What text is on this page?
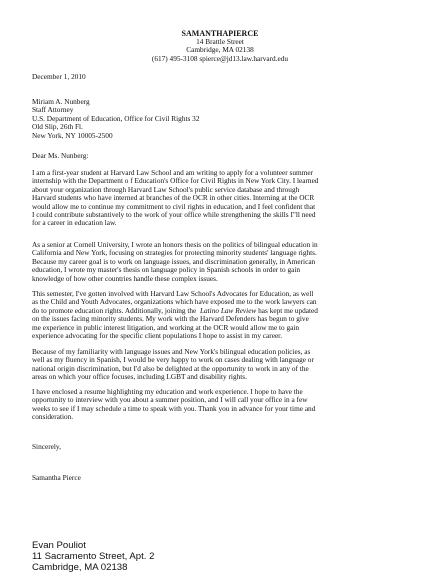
SAMANTHAPIERCE
14 Brattle Street
Cambridge, MA 02138
(617) 495-3108 spierce@jd13.law.harvard.edu
December 1, 2010
Miriam A. Nunberg
Staff Attorney
U.S. Department of Education, Office for Civil Rights 32
Old Slip, 26th Fl.
New York, NY 10005-2500
Dear Ms. Nunberg:
I am a first-year student at Harvard Law School and am writing to apply for a volunteer summer
internship with the Department o f Education's Office for Civil Rights in New York City. I learned
about your organization through Harvard Law School's public service database and through
Harvard students who have interned at branches of the OCR in other cities. Interning at the OCR
would allow me to continue my commitment to civil rights in education, and I feel confident that
I could contribute substantively to the work of your office while strengthening the skills I"ll need
for a career in education law.
As a senior at Cornell University, I wrote an honors thesis on the politics of bilingual education in
California and New York, focusing on strategies for protecting minority students' language rights.
Because my career goal is to work on language issues, and discrimination generally, in American
education, I wrote my master's thesis on language policy in Spanish schools in order to gain
knowledge of how other countries handle these complex issues.
This semester, I've gotten involved with Harvard Law School's Advocates for Education, as well
as the Child and Youth Advocates, organizations which have exposed me to the work lawyers can
do to promote education rights. Additionally, joining the Latino Law Review has kept me updated
on the issues facing minority students. My work with the Harvard Defenders has begun to give
me experience in public interest litigation, and working at the OCR would allow me to gain
experience advocating for the specific client populations I hope to assist in my career.
Because of my familiarity with language issues and New York's bilingual education policies, as
well as my fluency in Spanish, I would be very happy to work on cases dealing with language or
national origin discrimination, but I'd also be delighted at the opportunity to work in any of the
areas on which your office focuses, including LGBT and disability rights.
I have enclosed a resume highlighting my education and work experience. I hope to have the
opportunity to interview with you about a summer position, and I will call your office in a few
weeks to see if I may schedule a time to speak with you. Thank you in advance for your time and
consideration.
Sincerely,
Samantha Pierce
Evan Pouliot
11 Sacramento Street, Apt. 2
Cambridge, MA 02138
